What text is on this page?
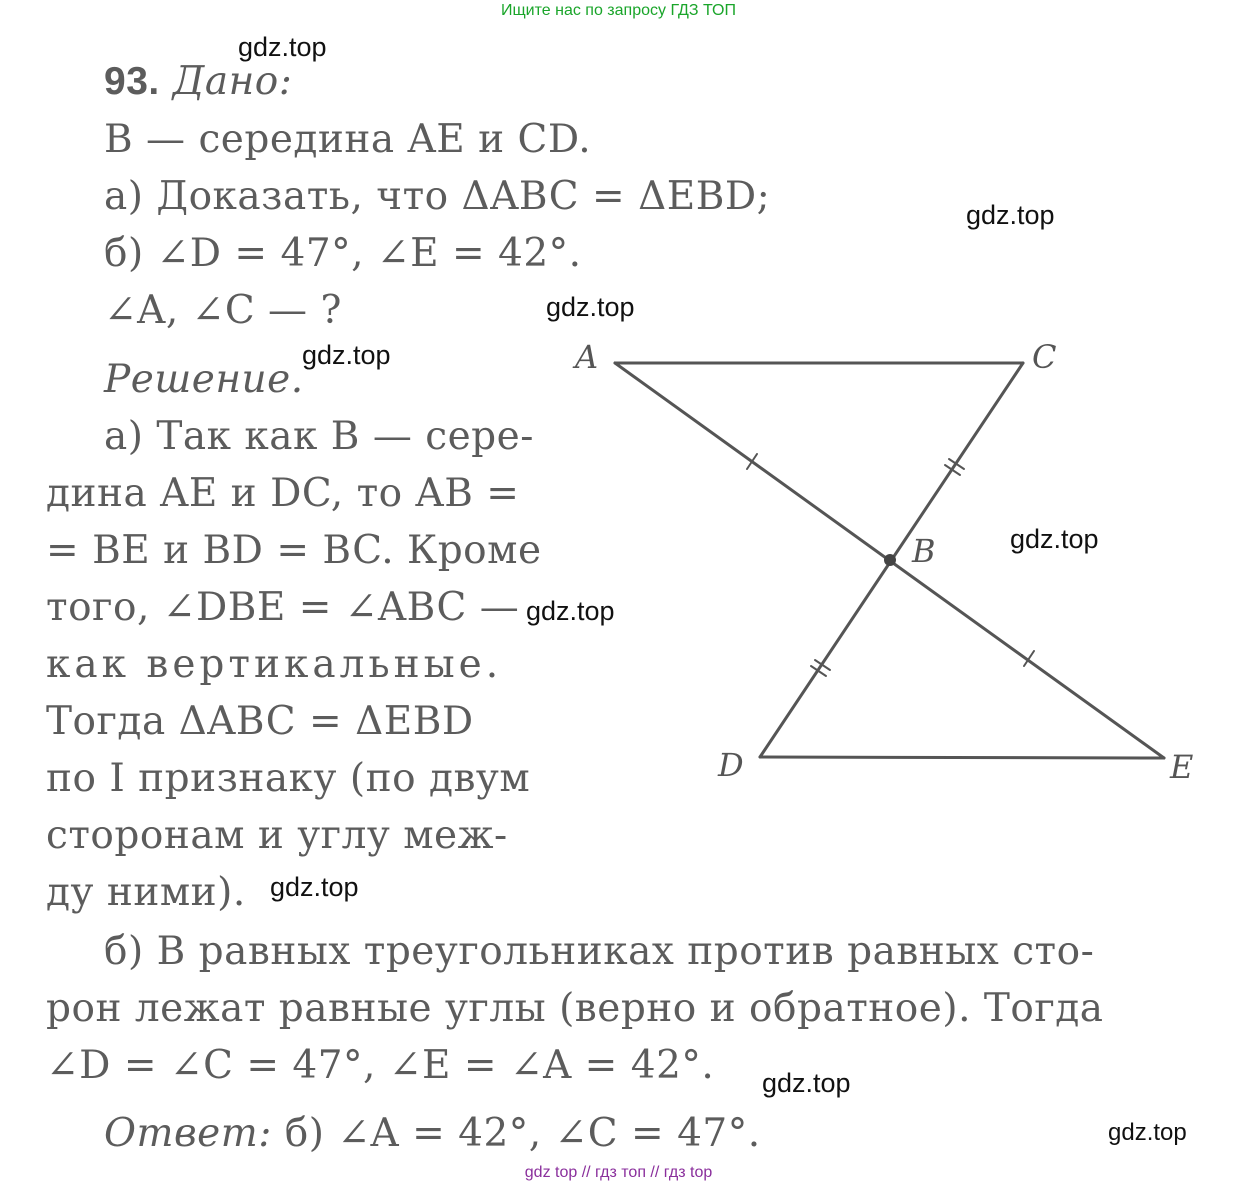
Ищите нас по запросу ГДЗ ТОП
93. Дано:
B — середина AE и CD.
а) Доказать, что ΔABC = ΔEBD;
б) ∠D = 47°, ∠E = 42°.
∠A, ∠C — ?
Решение.
а) Так как B — сере-
дина AE и DC, то AB =
= BE и BD = BC. Кроме
того, ∠DBE = ∠ABC —
как вертикальные.
Тогда ΔABC = ΔEBD
по I признаку (по двум
сторонам и углу меж-
ду ними).
б) В равных треугольниках против равных сто-
рон лежат равные углы (верно и обратное). Тогда
∠D = ∠C = 47°, ∠E = ∠A = 42°.
Ответ: б) ∠A = 42°, ∠C = 47°.
A	C
B
D	E
gdz.top
gdz.top
gdz.top
gdz.top
gdz.top
gdz.top
gdz.top
gdz.top
gdz.top
gdz top // гдз топ // гдз top
